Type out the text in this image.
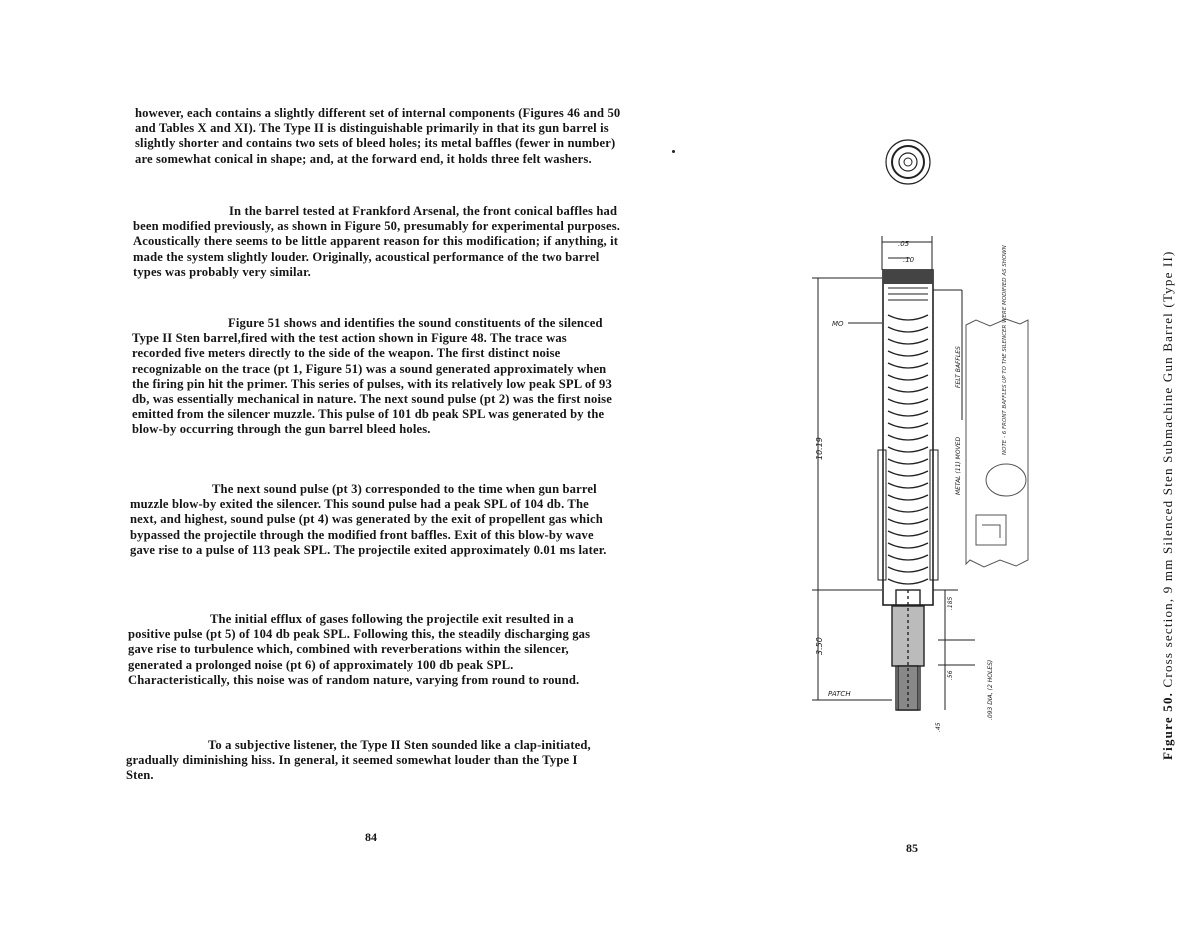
however, each contains a slightly different set of internal components (Figures 46 and 50 and Tables X and XI). The Type II is distinguishable primarily in that its gun barrel is slightly shorter and contains two sets of bleed holes; its metal baffles (fewer in number) are somewhat conical in shape; and, at the forward end, it holds three felt washers.

In the barrel tested at Frankford Arsenal, the front conical baffles had been modified previously, as shown in Figure 50, presumably for experimental purposes. Acoustically there seems to be little apparent reason for this modification; if anything, it made the system slightly louder. Originally, acoustical performance of the two barrel types was probably very similar.

Figure 51 shows and identifies the sound constituents of the silenced Type II Sten barrel,fired with the test action shown in Figure 48. The trace was recorded five meters directly to the side of the weapon. The first distinct noise recognizable on the trace (pt 1, Figure 51) was a sound generated approximately when the firing pin hit the primer. This series of pulses, with its relatively low peak SPL of 93 db, was essentially mechanical in nature. The next sound pulse (pt 2) was the first noise emitted from the silencer muzzle. This pulse of 101 db peak SPL was generated by the blow-by occurring through the gun barrel bleed holes.

The next sound pulse (pt 3) corresponded to the time when gun barrel muzzle blow-by exited the silencer. This sound pulse had a peak SPL of 104 db. The next, and highest, sound pulse (pt 4) was generated by the exit of propellent gas which bypassed the projectile through the modified front baffles. Exit of this blow-by wave gave rise to a pulse of 113 peak SPL. The projectile exited approximately 0.01 ms later.

The initial efflux of gases following the projectile exit resulted in a positive pulse (pt 5) of 104 db peak SPL. Following this, the steadily discharging gas gave rise to turbulence which, combined with reverberations within the silencer, generated a prolonged noise (pt 6) of approximately 100 db peak SPL. Characteristically, this noise was of random nature, varying from round to round.

To a subjective listener, the Type II Sten sounded like a clap-initiated, gradually diminishing hiss. In general, it seemed somewhat louder than the Type I Sten.

84
85
.05
.10
10.19
3.50
MO
PATCH
FELT BAFFLES
METAL (11) MOVED
.093 DIA, (2 HOLES)
.45
.56
.185
NOTE - 6 FRONT BAFFLES UP TO THE SILENCER WERE MODIFIED AS SHOWN
Figure 50. Cross section, 9 mm Silenced Sten Submachine Gun Barrel (Type II)
